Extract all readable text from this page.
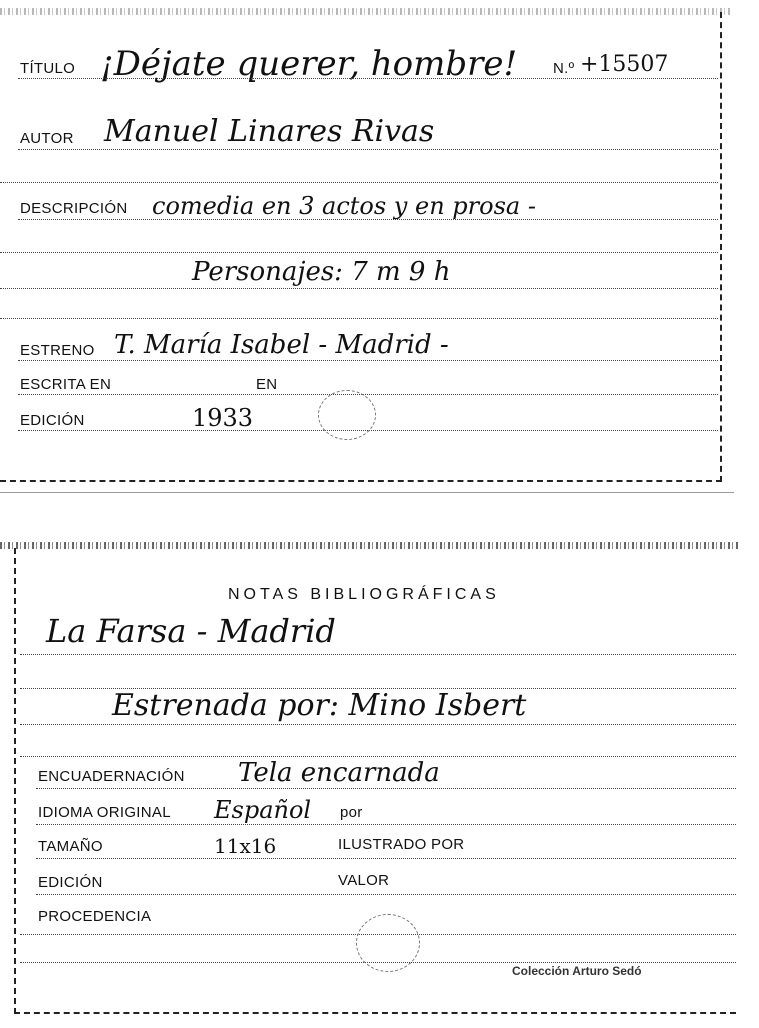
TÍTULO ¡Déjate querer, hombre! N.º +15507
AUTOR Manuel Linares Rivas
DESCRIPCIÓN comedia en 3 actos y en prosa -
Personajes: 7 m 9 h
ESTRENO T. María Isabel - Madrid -
ESCRITA EN	EN
EDICIÓN	1933
NOTAS BIBLIOGRÁFICAS
La Farsa - Madrid
Estrenada por: Mino Isbert
ENCUADERNACIÓN Tela encarnada
IDIOMA ORIGINAL Español por
TAMAÑO	11x16	ILUSTRADO POR
EDICIÓN	VALOR
PROCEDENCIA
Colección Arturo Sedó
